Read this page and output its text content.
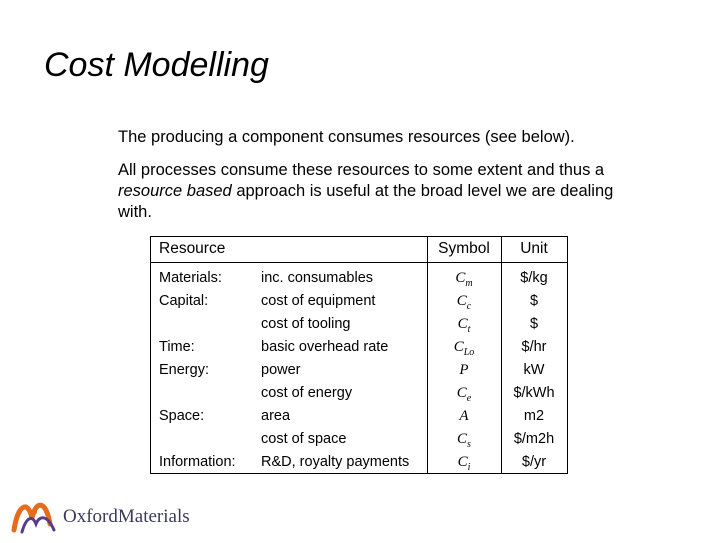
Cost Modelling
The producing a component consumes resources (see below).
All processes consume these resources to some extent and thus a resource based approach is useful at the broad level we are dealing with.
Resource	Symbol	Unit
Materials:
Capital:
Time:
Energy:
Space:
Information:
inc. consumables
cost of equipment
cost of tooling
basic overhead rate
power
cost of energy
area
cost of space
R&D, royalty payments
$C_m$
$C_c$
$C_t$
$C_{Lo}$
P
$C_e$
A
$C_s$
$C_i$
$/kg
$
$
$/hr
kW
$/kWh
m2
$/m2h
$/yr
OxfordMaterials
